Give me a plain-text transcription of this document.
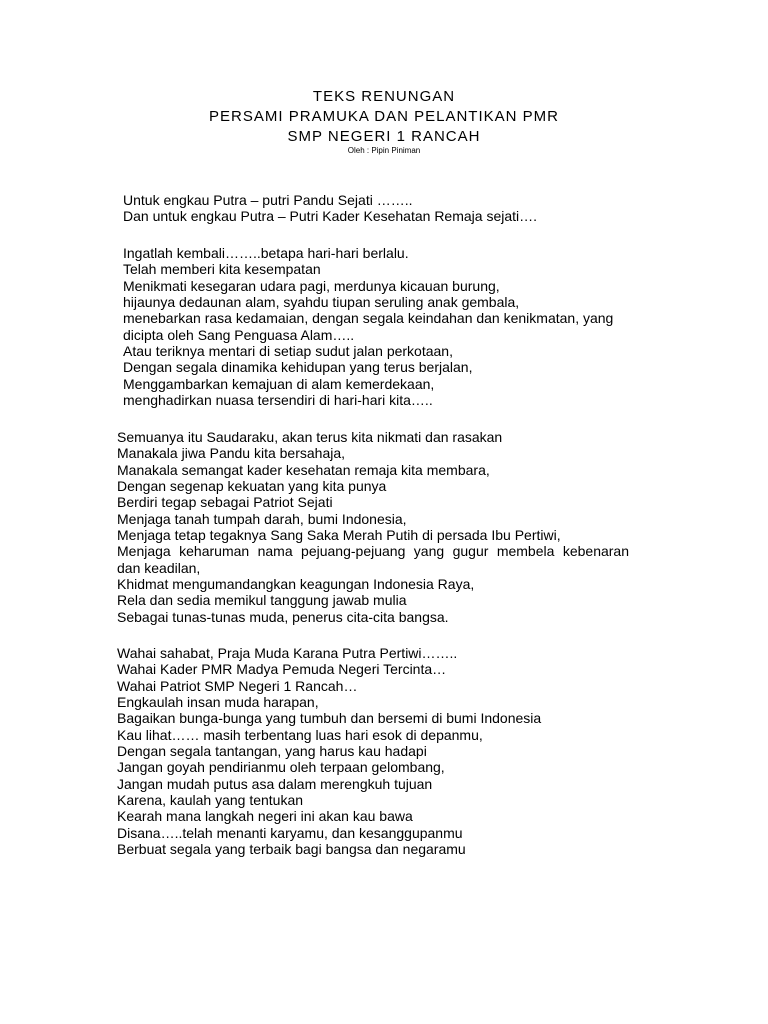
TEKS RENUNGAN
PERSAMI PRAMUKA DAN PELANTIKAN PMR
SMP NEGERI 1 RANCAH
Oleh : Pipin Piniman
Untuk engkau Putra – putri Pandu Sejati ……..
Dan untuk engkau Putra – Putri Kader Kesehatan Remaja sejati….
Ingatlah kembali……..betapa hari-hari berlalu.
Telah memberi kita kesempatan
Menikmati kesegaran udara pagi, merdunya kicauan burung,
hijaunya dedaunan alam, syahdu tiupan seruling anak gembala,
menebarkan rasa kedamaian, dengan segala keindahan dan kenikmatan, yang
dicipta oleh Sang Penguasa Alam…..
Atau teriknya mentari di setiap sudut jalan perkotaan,
Dengan segala dinamika kehidupan yang terus berjalan,
Menggambarkan kemajuan di alam kemerdekaan,
menghadirkan nuasa tersendiri di hari-hari kita…..
Semuanya itu Saudaraku, akan terus kita nikmati dan rasakan
Manakala jiwa Pandu kita bersahaja,
Manakala semangat kader kesehatan remaja kita membara,
Dengan segenap kekuatan yang kita punya
Berdiri tegap sebagai Patriot Sejati
Menjaga tanah tumpah darah, bumi Indonesia,
Menjaga tetap tegaknya Sang Saka Merah Putih di persada Ibu Pertiwi,
Menjaga keharuman nama pejuang-pejuang yang gugur membela kebenaran
dan keadilan,
Khidmat mengumandangkan keagungan Indonesia Raya,
Rela dan sedia memikul tanggung jawab mulia
Sebagai tunas-tunas muda, penerus cita-cita bangsa.
Wahai sahabat, Praja Muda Karana Putra Pertiwi……..
Wahai Kader PMR Madya Pemuda Negeri Tercinta…
Wahai Patriot SMP Negeri 1 Rancah…
Engkaulah insan muda harapan,
Bagaikan bunga-bunga yang tumbuh dan bersemi di bumi Indonesia
Kau lihat…… masih terbentang luas hari esok di depanmu,
Dengan segala tantangan, yang harus kau hadapi
Jangan goyah pendirianmu oleh terpaan gelombang,
Jangan mudah putus asa dalam merengkuh tujuan
Karena, kaulah yang tentukan
Kearah mana langkah negeri ini akan kau bawa
Disana…..telah menanti karyamu, dan kesanggupanmu
Berbuat segala yang terbaik bagi bangsa dan negaramu
